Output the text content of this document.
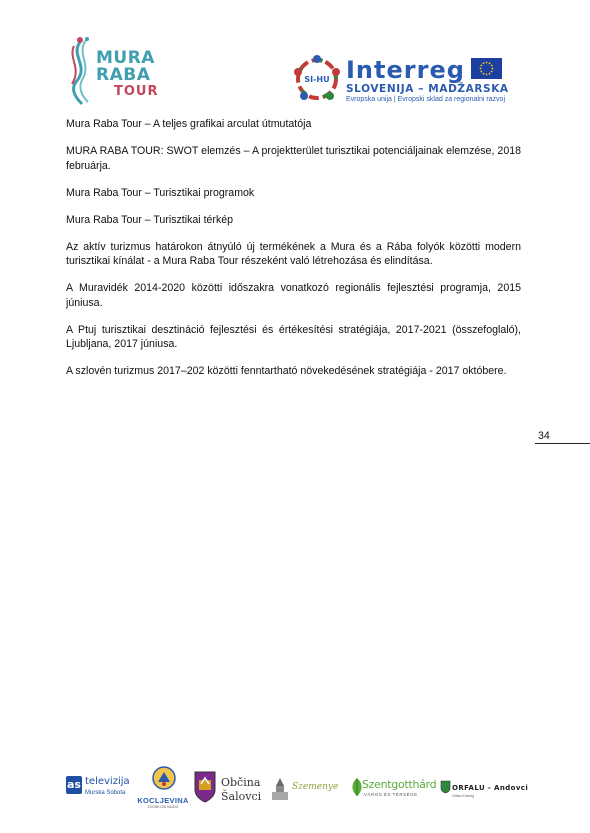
MURA
RABA
TOUR
SI-HU Interreg
SLOVENIJA – MADŽARSKA
Evropska unija | Evropski sklad za regionalni razvoj

Mura Raba Tour – A teljes grafikai arculat útmutatója

MURA RABA TOUR: SWOT elemzés – A projektterület turisztikai potenciáljainak elemzése, 2018 februárja.

Mura Raba Tour – Turisztikai programok

Mura Raba Tour – Turisztikai térkép

Az aktív turizmus határokon átnyúló új termékének a Mura és a Rába folyók közötti modern turisztikai kínálat - a Mura Raba Tour részeként való létrehozása és elindítása.

A Muravidék 2014-2020 közötti időszakra vonatkozó regionális fejlesztési programja, 2015 júniusa.

A Ptuj turisztikai desztináció fejlesztési és értékesítési stratégiája, 2017-2021 (összefoglaló), Ljubljana, 2017 júniusa.

A szlovén turizmus 2017–202 közötti fenntartható növekedésének stratégiája - 2017 októbere.

34
as televizija
Murska Sobota
KOCLJEVINA
ZVONKI ZA VAJDO
Občina
Šalovci
Szemenye Szentgotthárd
VÁROS ÉS TÉRSÉGE
ORFALU - Andovci
Orfalu Község
